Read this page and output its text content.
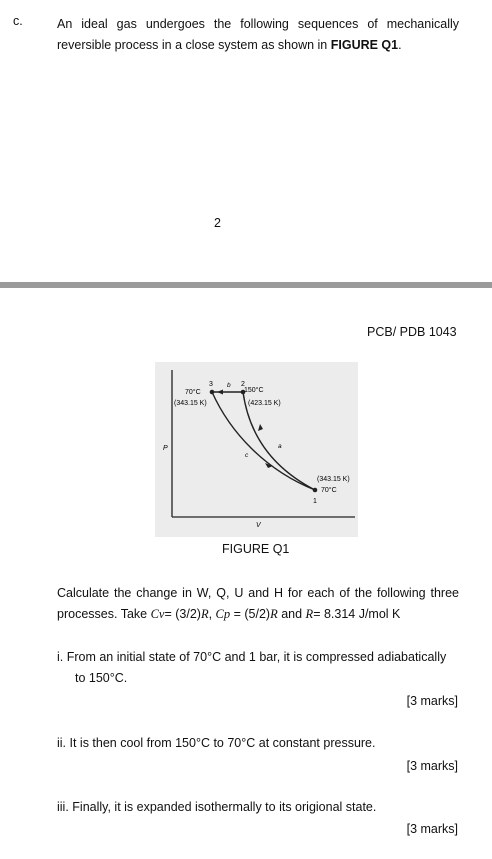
c.	An ideal gas undergoes the following sequences of mechanically reversible process in a close system as shown in FIGURE Q1.
2
PCB/ PDB 1043
P
V
3	2
1
b
a
c
70°C
(343.15 K)
150°C
(423.15 K)
(343.15 K)
70°C
FIGURE Q1
Calculate the change in W, Q, U and H for each of the following three processes. Take Cv= (3/2)R, Cp = (5/2)R and R= 8.314 J/mol K
i. From an initial state of 70°C and 1 bar, it is compressed adiabatically to 150°C.
[3 marks]
ii. It is then cool from 150°C to 70°C at constant pressure.
[3 marks]
iii. Finally, it is expanded isothermally to its origional state.
[3 marks]
